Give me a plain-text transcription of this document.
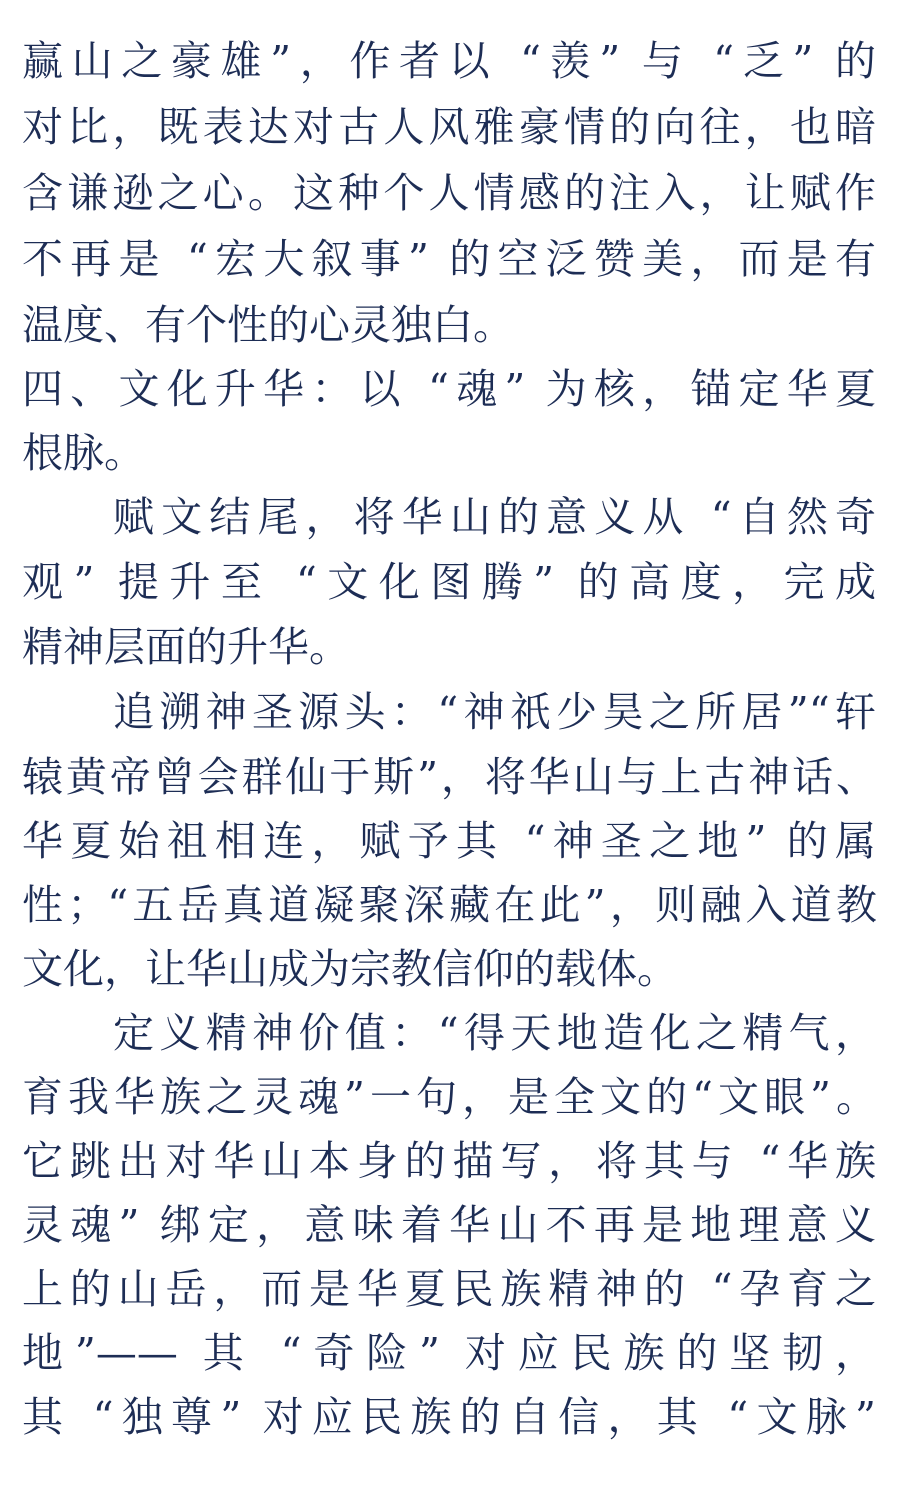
赢山之豪雄”，作者以 “羡” 与 “乏” 的

对比，既表达对古人风雅豪情的向往，也暗

含谦逊之心。这种个人情感的注入，让赋作

不再是 “宏大叙事” 的空泛赞美，而是有

温度、有个性的心灵独白。

四、文化升华：以 “魂” 为核，锚定华夏

根脉。

赋文结尾，将华山的意义从 “自然奇

观” 提升至 “文化图腾” 的高度，完成

精神层面的升华。

追溯神圣源头：“神祇少昊之所居”“轩

辕黄帝曾会群仙于斯”，将华山与上古神话、

华夏始祖相连，赋予其 “神圣之地” 的属

性；“五岳真道凝聚深藏在此”，则融入道教

文化，让华山成为宗教信仰的载体。

定义精神价值：“得天地造化之精气，

育我华族之灵魂”一句，是全文的“文眼”。

它跳出对华山本身的描写，将其与 “华族

灵魂” 绑定，意味着华山不再是地理意义

上的山岳，而是华夏民族精神的 “孕育之

地”—— 其 “奇险” 对应民族的坚韧，

其 “独尊” 对应民族的自信，其 “文脉”
